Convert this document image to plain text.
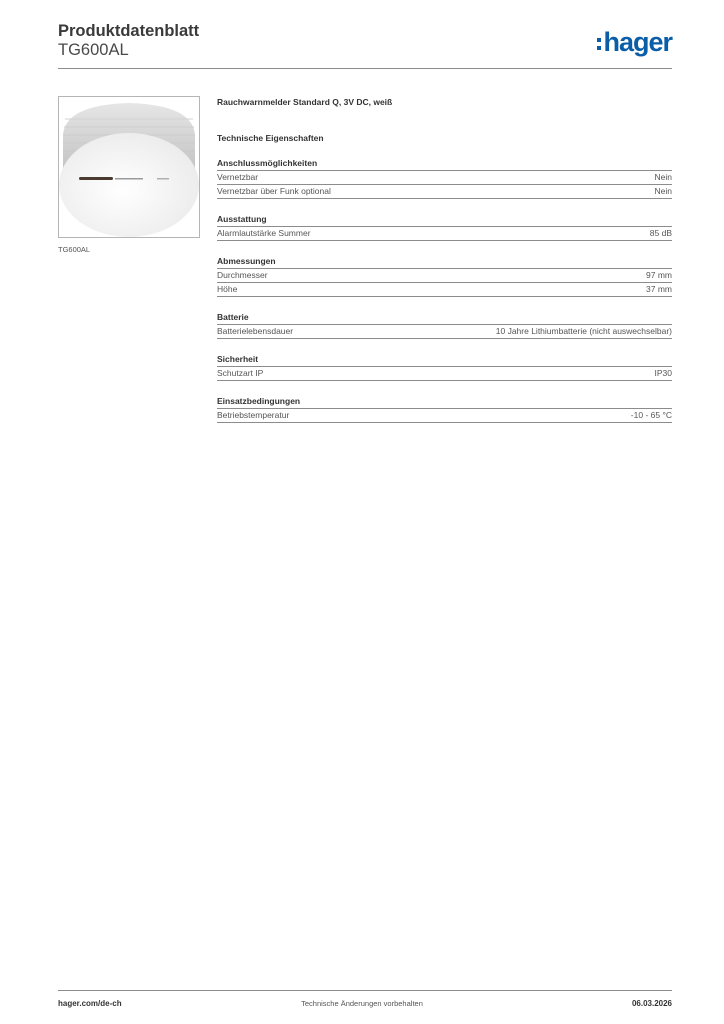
Produktdatenblatt
TG600AL	hager
TG600AL
Rauchwarnmelder Standard Q, 3V DC, weiß
Technische Eigenschaften
Anschlussmöglichkeiten
Vernetzbar	Nein
Vernetzbar über Funk optional	Nein
Ausstattung
Alarmlautstärke Summer	85 dB
Abmessungen
Durchmesser	97 mm
Höhe	37 mm
Batterie
Batterielebensdauer	10 Jahre Lithiumbatterie (nicht auswechselbar)
Sicherheit
Schutzart IP	IP30
Einsatzbedingungen
Betriebstemperatur	-10 - 65 °C
hager.com/de-ch	Technische Änderungen vorbehalten	06.03.2026
